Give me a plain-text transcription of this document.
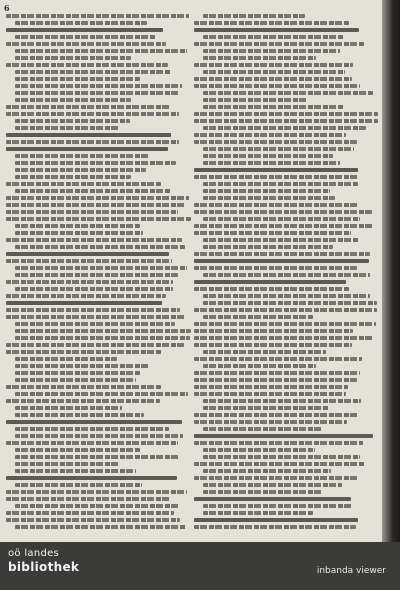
6
oö landes
bibliothek	inbanda viewer
